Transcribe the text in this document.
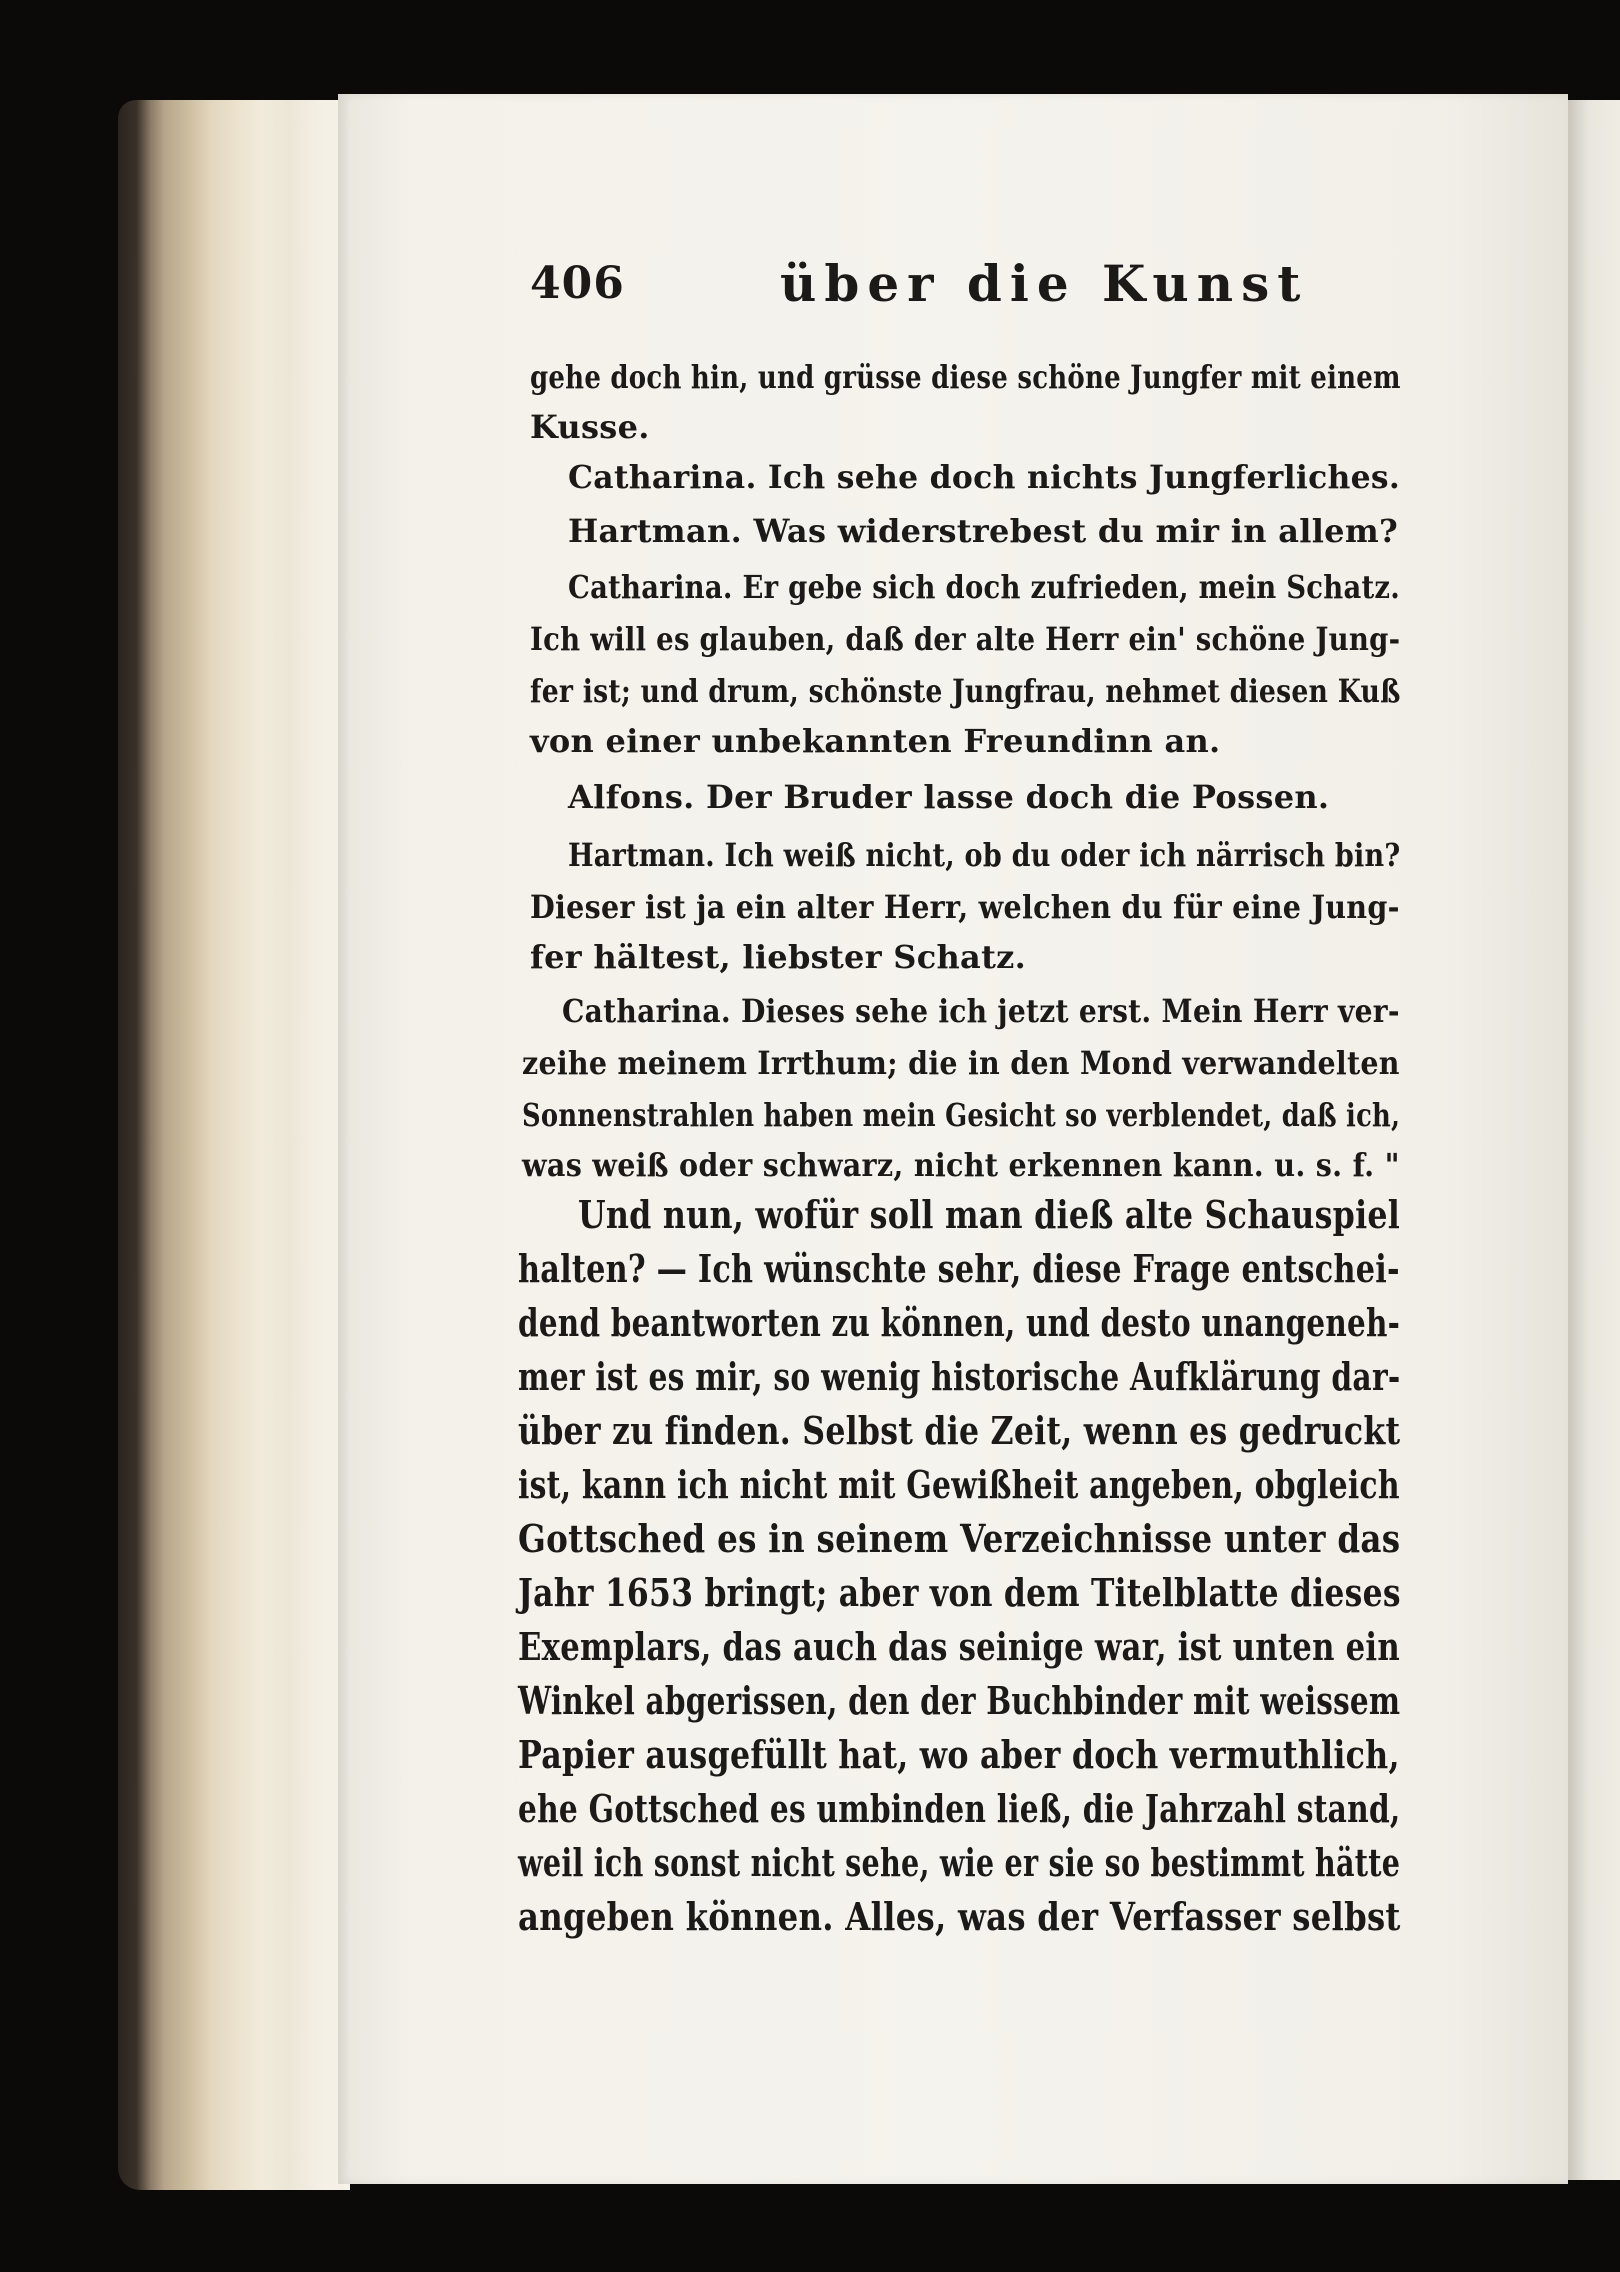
406	über die Kunst
gehe doch hin, und grüsse diese schöne Jungfer mit einem
Kusse.
Catharina. Ich sehe doch nichts Jungferliches.
Hartman. Was widerstrebest du mir in allem?
Catharina. Er gebe sich doch zufrieden, mein Schatz.
Ich will es glauben, daß der alte Herr ein' schöne Jung-
fer ist; und drum, schönste Jungfrau, nehmet diesen Kuß
von einer unbekannten Freundinn an.
Alfons. Der Bruder lasse doch die Possen.
Hartman. Ich weiß nicht, ob du oder ich närrisch bin?
Dieser ist ja ein alter Herr, welchen du für eine Jung-
fer hältest, liebster Schatz.
Catharina. Dieses sehe ich jetzt erst. Mein Herr ver-
zeihe meinem Irrthum; die in den Mond verwandelten
Sonnenstrahlen haben mein Gesicht so verblendet, daß ich,
was weiß oder schwarz, nicht erkennen kann. u. s. f. "
Und nun, wofür soll man dieß alte Schauspiel
halten? — Ich wünschte sehr, diese Frage entschei-
dend beantworten zu können, und desto unangeneh-
mer ist es mir, so wenig historische Aufklärung dar-
über zu finden. Selbst die Zeit, wenn es gedruckt
ist, kann ich nicht mit Gewißheit angeben, obgleich
Gottsched es in seinem Verzeichnisse unter das
Jahr 1653 bringt; aber von dem Titelblatte dieses
Exemplars, das auch das seinige war, ist unten ein
Winkel abgerissen, den der Buchbinder mit weissem
Papier ausgefüllt hat, wo aber doch vermuthlich,
ehe Gottsched es umbinden ließ, die Jahrzahl stand,
weil ich sonst nicht sehe, wie er sie so bestimmt hätte
angeben können. Alles, was der Verfasser selbst
